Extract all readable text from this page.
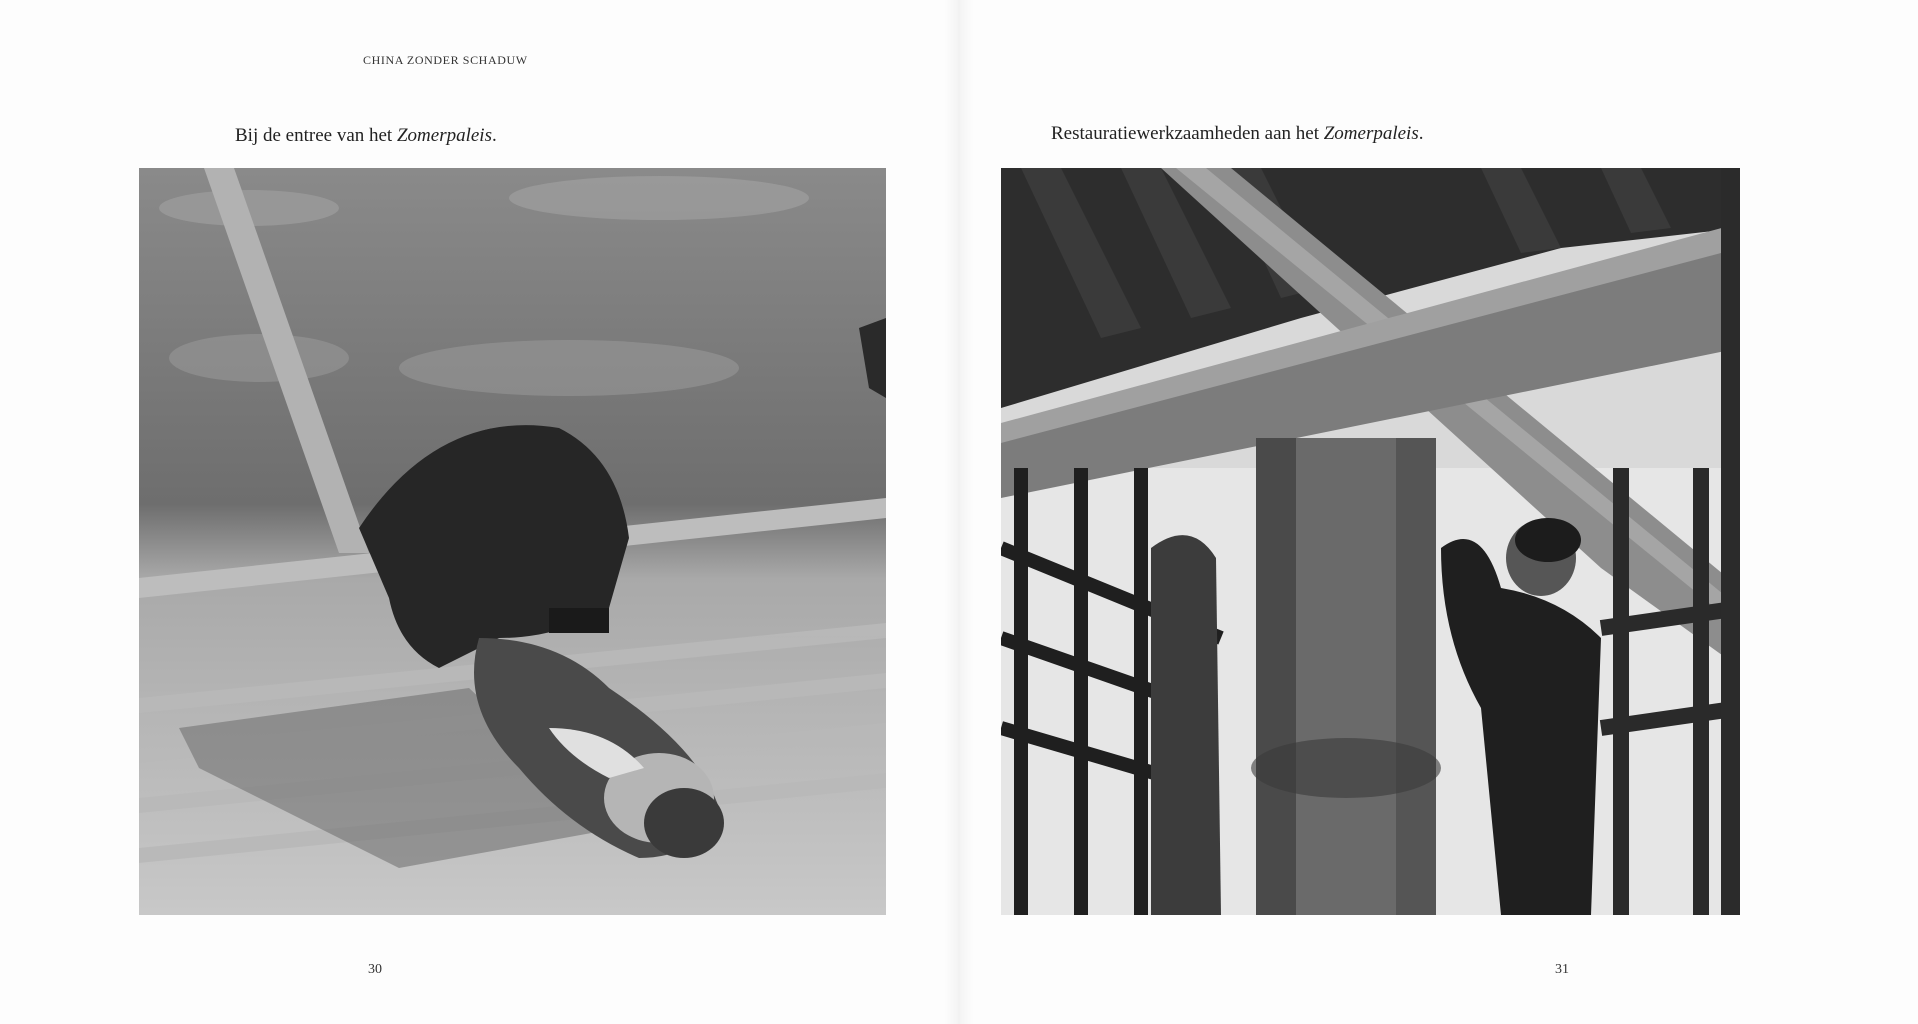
CHINA ZONDER SCHADUW
Bij de entree van het Zomerpaleis.
30
Restauratiewerkzaamheden aan het Zomerpaleis.
31
